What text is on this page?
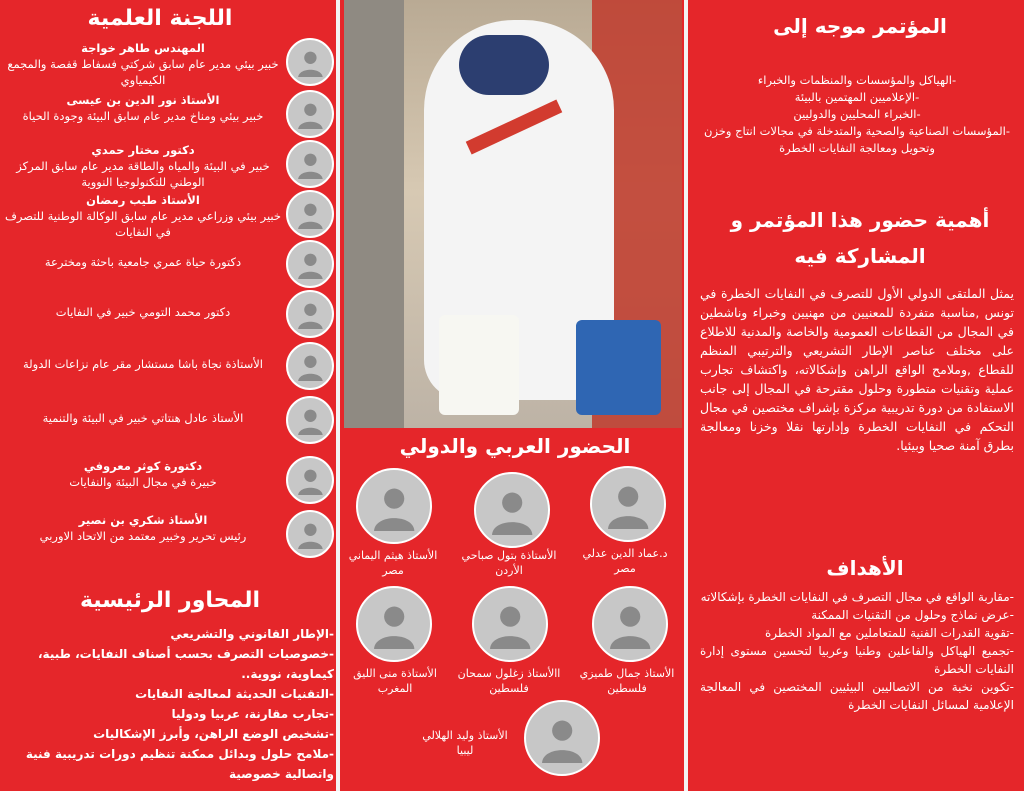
اللجنة العلمية
المهندس طاهر خواجة
خبير بيئي مدير عام سابق شركتي فسفاط قفصة والمجمع الكيمياوي
الأستاذ نور الدين بن عيسى
خبير بيئي ومناخ مدير عام سابق البيئة وجودة الحياة
دكتور مختار حمدي
خبير في البيئة والمياه والطاقة مدير عام سابق المركز الوطني للتكنولوجيا النووية
الأستاذ طيب رمضان
خبير بيئي وزراعي مدير عام سابق الوكالة الوطنية للتصرف في النفايات
دكتورة حياة عمري جامعية باحثة ومخترعة
دكتور محمد التومي خبير في النفايات
الأستاذة نجاة باشا مستشار مقر عام نزاعات الدولة
الأستاذ عادل هنتاتي خبير في البيئة والتنمية
دكتورة كوثر معروفي
خبيرة في مجال البيئة والنفايات
الأستاذ شكري بن نصير
رئيس تحرير وخبير معتمد من الاتحاد الاوربي
المحاور الرئيسية
-الإطار القانوني والتشريعي
-خصوصيات التصرف بحسب أصناف النفايات، طبية، كيماوية، نووية..
-التقنيات الحديثة لمعالجة النفايات
-تجارب مقارنة، عربيا ودوليا
-تشخيص الوضع الراهن، وأبرز الإشكاليات
-ملامح حلول وبدائل ممكنة تنظيم دورات تدريبية فنية واتصالية خصوصية
الحضور العربي والدولي
د.عماد الدين عدلي
مصر
الأستاذة بتول صباحي
الأردن
الأستاذ هيثم اليماني
مصر
الأستاذ جمال طميزي
فلسطين
االأستاذ زغلول سمحان
فلسطين
الأستاذة منى الليق
المغرب
الأستاذ وليد الهلالي
ليبيا
المؤتمر موجه إلى
-الهياكل والمؤسسات والمنظمات والخبراء
-الإعلاميين المهتمين بالبيئة
-الخبراء المحليين والدوليين
-المؤسسات الصناعية والصحية والمتدخلة في مجالات انتاج وخزن وتحويل ومعالجة النفايات الخطرة
أهمية حضور هذا المؤتمر و المشاركة فيه
يمثل الملتقى الدولي الأول للتصرف في النفايات الخطرة في تونس ,مناسبة متفردة للمعنيين من مهنيين وخبراء وناشطين في المجال من القطاعات العمومية والخاصة والمدنية للاطلاع على مختلف عناصر الإطار التشريعي والترتيبي المنظم للقطاع ,وملامح الواقع الراهن وإشكالاته، واكتشاف تجارب عملية وتقنيات متطورة وحلول مقترحة في المجال إلى جانب الاستفادة من دورة تدريبية مركزة بإشراف مختصين في مجال التحكم في النفايات الخطرة وإدارتها نقلا وخزنا ومعالجة بطرق آمنة صحيا وبيئيا.
الأهداف
-مقاربة الواقع في مجال التصرف في النفايات الخطرة بإشكالاته
-عرض نماذج وحلول من التقنيات الممكنة
-تقوية القدرات الفنية للمتعاملين مع المواد الخطرة
-تجميع الهياكل والفاعلين وطنيا وعربيا لتحسين مستوى إدارة النفايات الخطرة
-تكوين نخبة من الاتصاليين البيئيين المختصين في المعالجة الإعلامية لمسائل النفايات الخطرة
